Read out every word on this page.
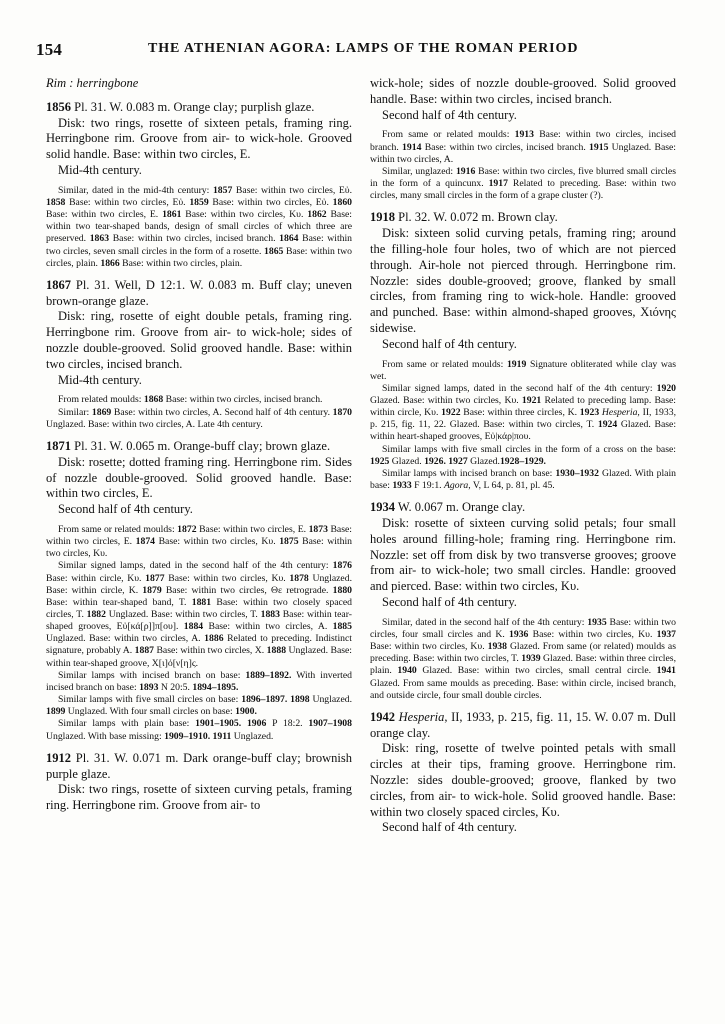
154	THE ATHENIAN AGORA: LAMPS OF THE ROMAN PERIOD

Rim : herringbone

1856 Pl. 31. W. 0.083 m. Orange clay; purplish glaze.

Disk: two rings, rosette of sixteen petals, framing ring. Herringbone rim. Groove from air- to wick-hole. Grooved solid handle. Base: within two circles, E.

Mid-4th century.

Similar, dated in the mid-4th century: 1857 Base: within two circles, Εὐ. 1858 Base: within two circles, Εὐ. 1859 Base: within two circles, Εὐ. 1860 Base: within two circles, E. 1861 Base: within two circles, Κυ. 1862 Base: within two tear-shaped bands, design of small circles of which three are preserved. 1863 Base: within two circles, incised branch. 1864 Base: within two circles, seven small circles in the form of a rosette. 1865 Base: within two circles, plain. 1866 Base: within two circles, plain.

1867 Pl. 31. Well, D 12:1. W. 0.083 m. Buff clay; uneven brown-orange glaze.

Disk: ring, rosette of eight double petals, framing ring. Herringbone rim. Groove from air- to wick-hole; sides of nozzle double-grooved. Solid grooved handle. Base: within two circles, incised branch.

Mid-4th century.

From related moulds: 1868 Base: within two circles, incised branch.

Similar: 1869 Base: within two circles, A. Second half of 4th century. 1870 Unglazed. Base: within two circles, A. Late 4th century.

1871 Pl. 31. W. 0.065 m. Orange-buff clay; brown glaze.

Disk: rosette; dotted framing ring. Herringbone rim. Sides of nozzle double-grooved. Solid grooved handle. Base: within two circles, E.

Second half of 4th century.

From same or related moulds: 1872 Base: within two circles, E. 1873 Base: within two circles, E. 1874 Base: within two circles, Κυ. 1875 Base: within two circles, Κυ.

Similar signed lamps, dated in the second half of the 4th century: 1876 Base: within circle, Κυ. 1877 Base: within two circles, Κυ. 1878 Unglazed. Base: within circle, K. 1879 Base: within two circles, Θε retrograde. 1880 Base: within tear-shaped band, T. 1881 Base: within two closely spaced circles, T. 1882 Unglazed. Base: within two circles, T. 1883 Base: within tear-shaped grooves, Εὐ[κά[ρ]]π[ου]. 1884 Base: within two circles, A. 1885 Unglazed. Base: within two circles, A. 1886 Related to preceding. Indistinct signature, probably A. 1887 Base: within two circles, X. 1888 Unglazed. Base: within tear-shaped groove, Χ[ι]ό[ν[η]ς.

Similar lamps with incised branch on base: 1889–1892. With inverted incised branch on base: 1893 N 20:5. 1894–1895.

Similar lamps with five small circles on base: 1896–1897. 1898 Unglazed. 1899 Unglazed. With four small circles on base: 1900.

Similar lamps with plain base: 1901–1905. 1906 P 18:2. 1907–1908 Unglazed. With base missing: 1909–1910. 1911 Unglazed.

1912 Pl. 31. W. 0.071 m. Dark orange-buff clay; brownish purple glaze.

Disk: two rings, rosette of sixteen curving petals, framing ring. Herringbone rim. Groove from air- to

wick-hole; sides of nozzle double-grooved. Solid grooved handle. Base: within two circles, incised branch.

Second half of 4th century.

From same or related moulds: 1913 Base: within two circles, incised branch. 1914 Base: within two circles, incised branch. 1915 Unglazed. Base: within two circles, A.

Similar, unglazed: 1916 Base: within two circles, five blurred small circles in the form of a quincunx. 1917 Related to preceding. Base: within two circles, many small circles in the form of a grape cluster (?).

1918 Pl. 32. W. 0.072 m. Brown clay.

Disk: sixteen solid curving petals, framing ring; around the filling-hole four holes, two of which are not pierced through. Air-hole not pierced through. Herringbone rim. Nozzle: sides double-grooved; groove, flanked by small circles, from framing ring to wick-hole. Handle: grooved and punched. Base: within almond-shaped grooves, Χιόνης sidewise.

Second half of 4th century.

From same or related moulds: 1919 Signature obliterated while clay was wet.

Similar signed lamps, dated in the second half of the 4th century: 1920 Glazed. Base: within two circles, Κυ. 1921 Related to preceding lamp. Base: within circle, Κυ. 1922 Base: within three circles, K. 1923 Hesperia, II, 1933, p. 215, fig. 11, 22. Glazed. Base: within two circles, T. 1924 Glazed. Base: within heart-shaped grooves, Εὐ|κάρ|που.

Similar lamps with five small circles in the form of a cross on the base: 1925 Glazed. 1926. 1927 Glazed.1928–1929.

Similar lamps with incised branch on base: 1930–1932 Glazed. With plain base: 1933 F 19:1. Agora, V, L 64, p. 81, pl. 45.

1934 W. 0.067 m. Orange clay.

Disk: rosette of sixteen curving solid petals; four small holes around filling-hole; framing ring. Herringbone rim. Nozzle: set off from disk by two transverse grooves; groove from air- to wick-hole; two small circles. Handle: grooved and pierced. Base: within two circles, Κυ.

Second half of 4th century.

Similar, dated in the second half of the 4th century: 1935 Base: within two circles, four small circles and K. 1936 Base: within two circles, Κυ. 1937 Base: within two circles, Κυ. 1938 Glazed. From same (or related) moulds as preceding. Base: within two circles, T. 1939 Glazed. Base: within three circles, plain. 1940 Glazed. Base: within two circles, small central circle. 1941 Glazed. From same moulds as preceding. Base: within circle, incised branch, and outside circle, four small double circles.

1942 Hesperia, II, 1933, p. 215, fig. 11, 15. W. 0.07 m. Dull orange clay.

Disk: ring, rosette of twelve pointed petals with small circles at their tips, framing groove. Herringbone rim. Nozzle: sides double-grooved; groove, flanked by two circles, from air- to wick-hole. Solid grooved handle. Base: within two closely spaced circles, Κυ.

Second half of 4th century.
